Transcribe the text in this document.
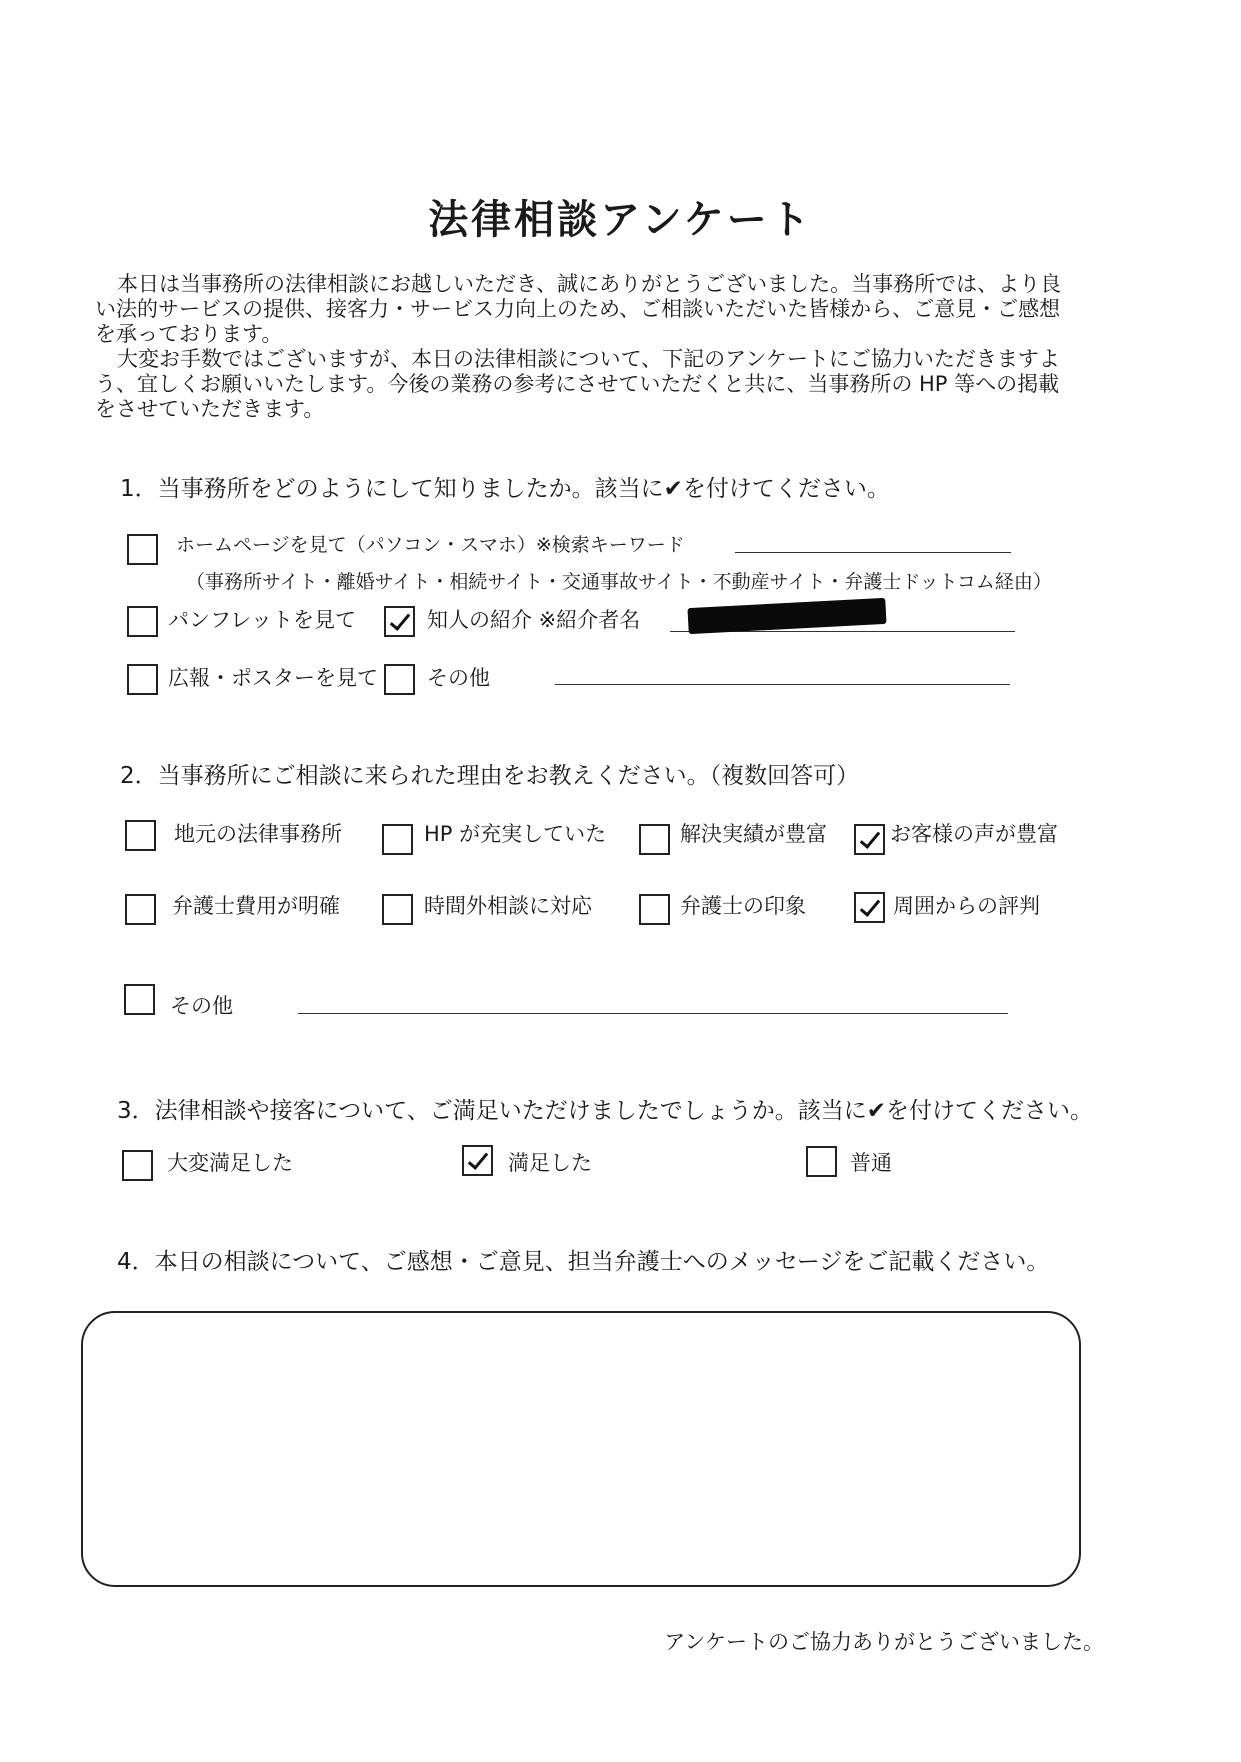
法律相談アンケート

本日は当事務所の法律相談にお越しいただき、誠にありがとうございました。当事務所では、より良い法的サービスの提供、接客力・サービス力向上のため、ご相談いただいた皆様から、ご意見・ご感想を承っております。

大変お手数ではございますが、本日の法律相談について、下記のアンケートにご協力いただきますよう、宜しくお願いいたします。今後の業務の参考にさせていただくと共に、当事務所の HP 等への掲載をさせていただきます。

1．当事務所をどのようにして知りましたか。該当に✔を付けてください。
ホームページを見て（パソコン・スマホ）※検索キーワード
（事務所サイト・離婚サイト・相続サイト・交通事故サイト・不動産サイト・弁護士ドットコム経由）
パンフレットを見て	知人の紹介 ※紹介者名
広報・ポスターを見て その他
2．当事務所にご相談に来られた理由をお教えください。（複数回答可）
地元の法律事務所	HP が充実していた	解決実績が豊富	お客様の声が豊富
弁護士費用が明確	時間外相談に対応	弁護士の印象	周囲からの評判
その他
3．法律相談や接客について、ご満足いただけましたでしょうか。該当に✔を付けてください。
大変満足した	満足した	普通
4．本日の相談について、ご感想・ご意見、担当弁護士へのメッセージをご記載ください。
アンケートのご協力ありがとうございました。
